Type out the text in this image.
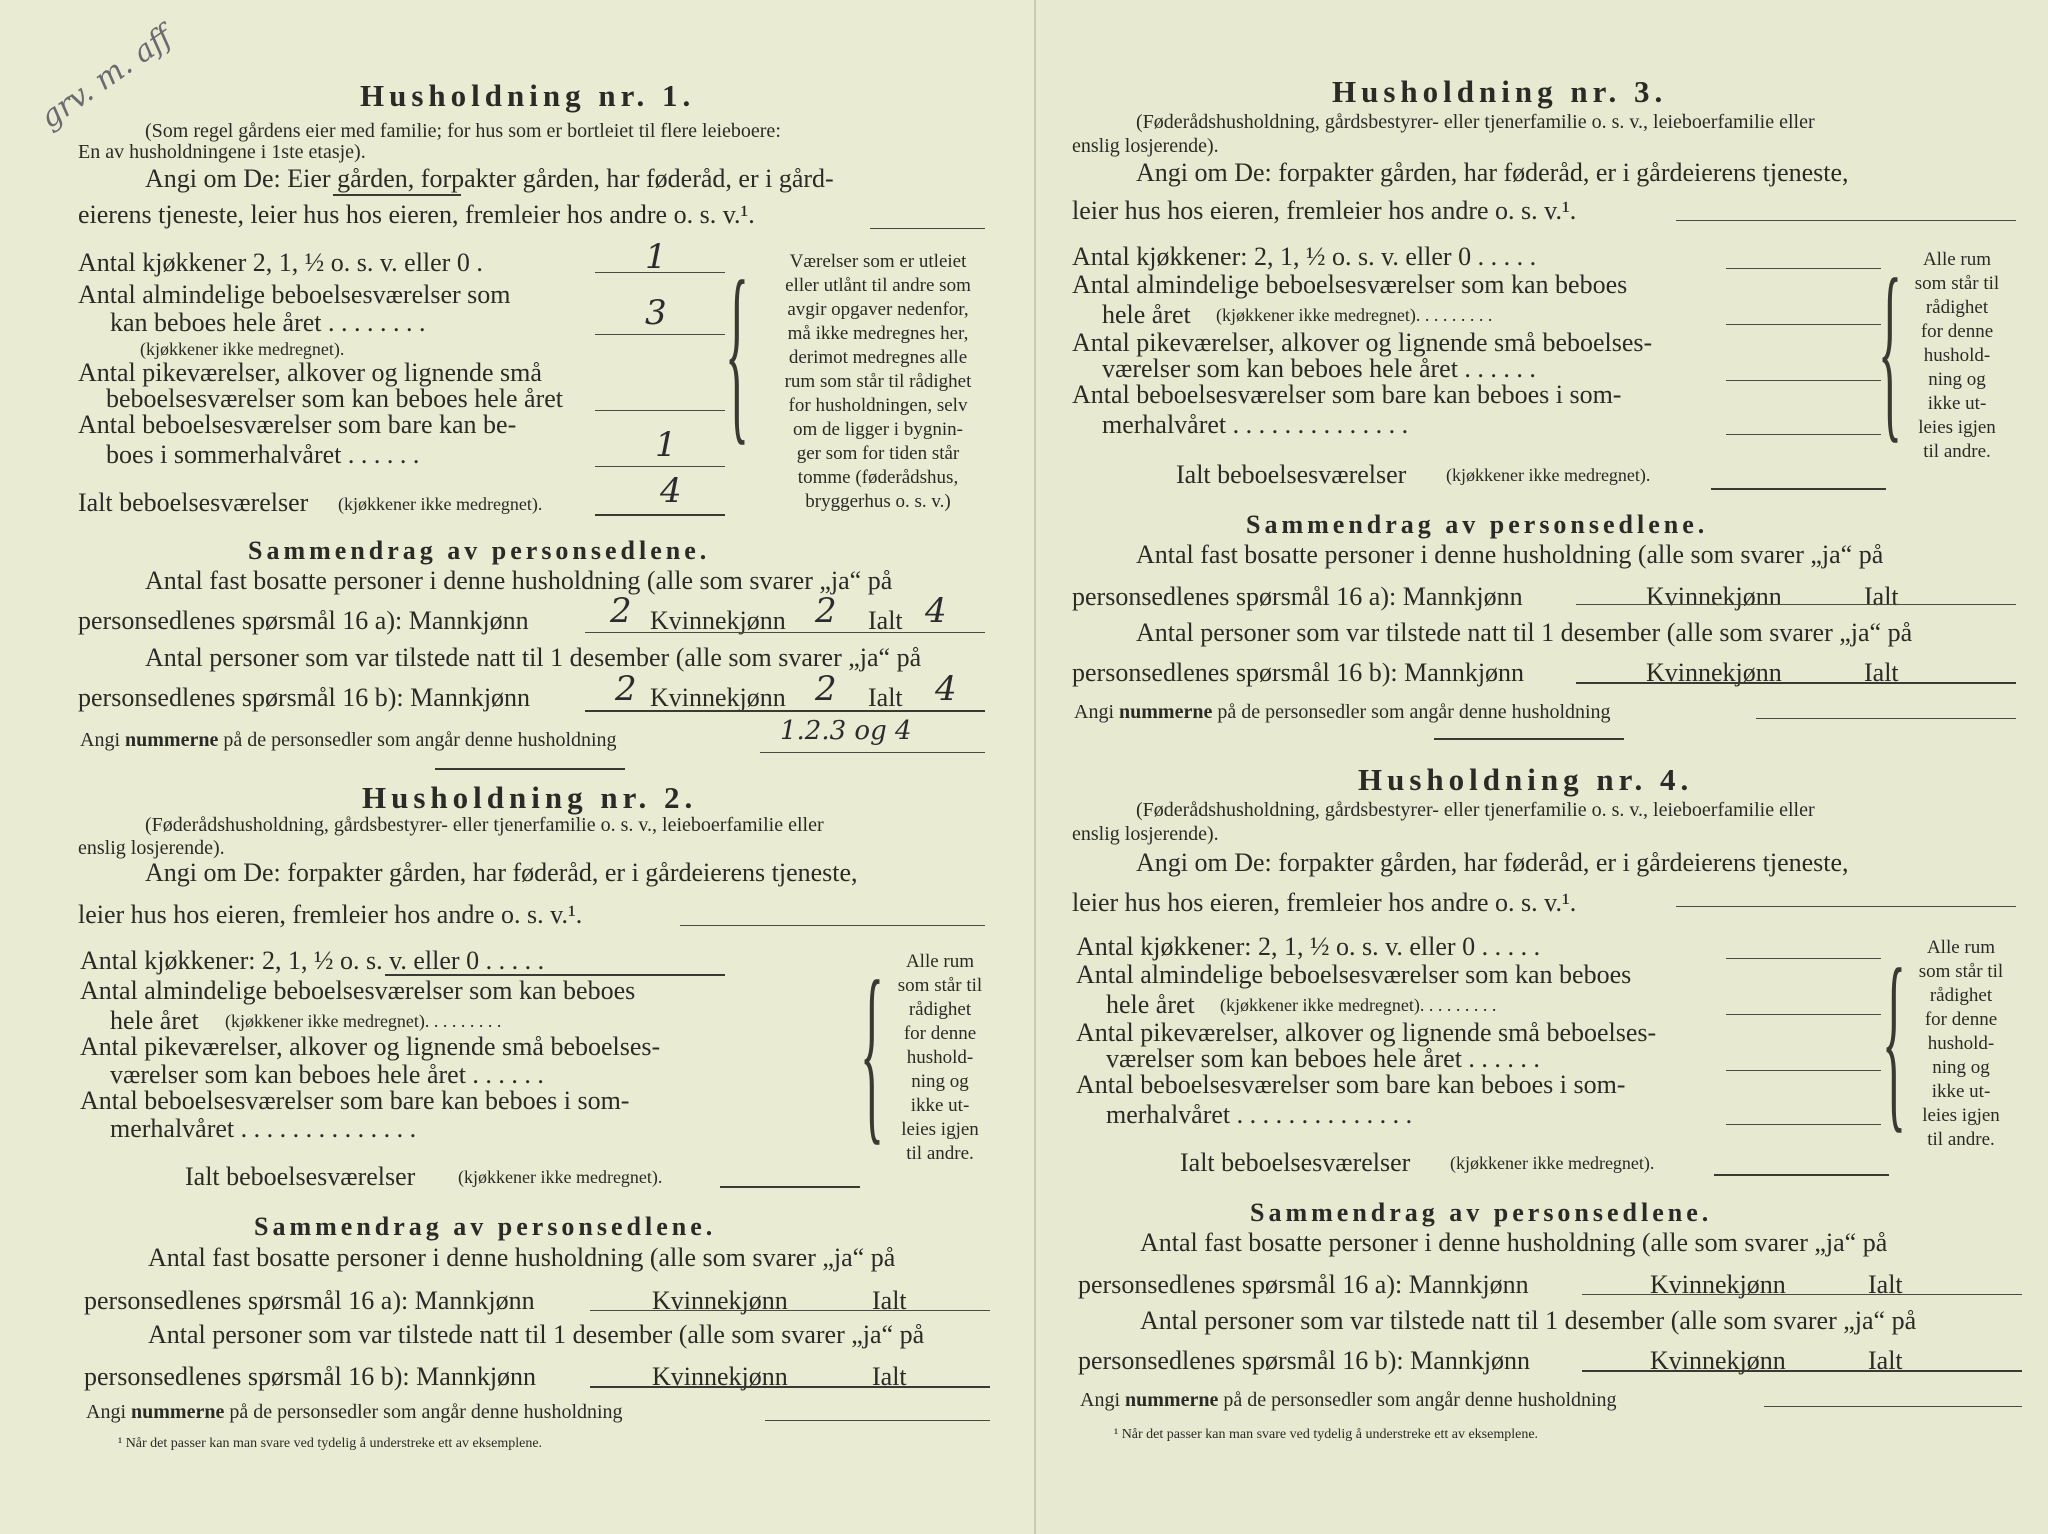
grv. m. aff	Husholdning nr. 1.
(Som regel gårdens eier med familie; for hus som er bortleiet til flere leieboere:
En av husholdningene i 1ste etasje).
Angi om De: Eier gården, forpakter gården, har føderåd, er i gård-
eierens tjeneste, leier hus hos eieren, fremleier hos andre o. s. v.¹.
Antal kjøkkener 2, 1, ½ o. s. v. eller 0 .	1
Antal almindelige beboelsesværelser som
kan beboes hele året . . . . . . . .	3
(kjøkkener ikke medregnet).
Antal pikeværelser, alkover og lignende små
beboelsesværelser som kan beboes hele året
Antal beboelsesværelser som bare kan be-
boes i sommerhalvåret . . . . . .	1
Ialt beboelsesværelser (kjøkkener ikke medregnet).	4
{	Værelser som er utleiet
eller utlånt til andre som
avgir opgaver nedenfor,
må ikke medregnes her,
derimot medregnes alle
rum som står til rådighet
for husholdningen, selv
om de ligger i bygnin-
ger som for tiden står
tomme (føderådshus,
bryggerhus o. s. v.)
Sammendrag av personsedlene.
Antal fast bosatte personer i denne husholdning (alle som svarer „ja“ på
personsedlenes spørsmål 16 a): Mannkjønn 2 Kvinnekjønn 2 Ialt 4
Antal personer som var tilstede natt til 1 desember (alle som svarer „ja“ på
personsedlenes spørsmål 16 b): Mannkjønn 2 Kvinnekjønn 2 Ialt 4
Angi nummerne på de personsedler som angår denne husholdning	1.2.3 og 4
Husholdning nr. 2.
(Føderådshusholdning, gårdsbestyrer- eller tjenerfamilie o. s. v., leieboerfamilie eller
enslig losjerende).
Angi om De: forpakter gården, har føderåd, er i gårdeierens tjeneste,
leier hus hos eieren, fremleier hos andre o. s. v.¹.
Antal kjøkkener: 2, 1, ½ o. s. v. eller 0 . . . . .
Antal almindelige beboelsesværelser som kan beboes
hele året (kjøkkener ikke medregnet). . . . . . . . .
Antal pikeværelser, alkover og lignende små beboelses-
værelser som kan beboes hele året . . . . . .
Antal beboelsesværelser som bare kan beboes i som-
merhalvåret . . . . . . . . . . . . . .
Ialt beboelsesværelser (kjøkkener ikke medregnet).
{	Alle rum
som står til
rådighet
for denne
hushold-
ning og
ikke ut-
leies igjen
til andre.
Sammendrag av personsedlene.
Antal fast bosatte personer i denne husholdning (alle som svarer „ja“ på
personsedlenes spørsmål 16 a): Mannkjønn	Kvinnekjønn	Ialt
Antal personer som var tilstede natt til 1 desember (alle som svarer „ja“ på
personsedlenes spørsmål 16 b): Mannkjønn	Kvinnekjønn	Ialt
Angi nummerne på de personsedler som angår denne husholdning
¹ Når det passer kan man svare ved tydelig å understreke ett av eksemplene.
Husholdning nr. 3.
(Føderådshusholdning, gårdsbestyrer- eller tjenerfamilie o. s. v., leieboerfamilie eller
enslig losjerende).
Angi om De: forpakter gården, har føderåd, er i gårdeierens tjeneste,
leier hus hos eieren, fremleier hos andre o. s. v.¹.
Antal kjøkkener: 2, 1, ½ o. s. v. eller 0 . . . . .
Antal almindelige beboelsesværelser som kan beboes
hele året (kjøkkener ikke medregnet). . . . . . . . .
Antal pikeværelser, alkover og lignende små beboelses-
værelser som kan beboes hele året . . . . . .
Antal beboelsesværelser som bare kan beboes i som-
merhalvåret . . . . . . . . . . . . . .
Ialt beboelsesværelser (kjøkkener ikke medregnet).
{	Alle rum
som står til
rådighet
for denne
hushold-
ning og
ikke ut-
leies igjen
til andre.
Sammendrag av personsedlene.
Antal fast bosatte personer i denne husholdning (alle som svarer „ja“ på
personsedlenes spørsmål 16 a): Mannkjønn	Kvinnekjønn	Ialt
Antal personer som var tilstede natt til 1 desember (alle som svarer „ja“ på
personsedlenes spørsmål 16 b): Mannkjønn	Kvinnekjønn	Ialt
Angi nummerne på de personsedler som angår denne husholdning
Husholdning nr. 4.
(Føderådshusholdning, gårdsbestyrer- eller tjenerfamilie o. s. v., leieboerfamilie eller
enslig losjerende).
Angi om De: forpakter gården, har føderåd, er i gårdeierens tjeneste,
leier hus hos eieren, fremleier hos andre o. s. v.¹.
Antal kjøkkener: 2, 1, ½ o. s. v. eller 0 . . . . .
Antal almindelige beboelsesværelser som kan beboes
hele året (kjøkkener ikke medregnet). . . . . . . . .
Antal pikeværelser, alkover og lignende små beboelses-
værelser som kan beboes hele året . . . . . .
Antal beboelsesværelser som bare kan beboes i som-
merhalvåret . . . . . . . . . . . . . .
Ialt beboelsesværelser (kjøkkener ikke medregnet).
{	Alle rum
som står til
rådighet
for denne
hushold-
ning og
ikke ut-
leies igjen
til andre.
Sammendrag av personsedlene.
Antal fast bosatte personer i denne husholdning (alle som svarer „ja“ på
personsedlenes spørsmål 16 a): Mannkjønn	Kvinnekjønn	Ialt
Antal personer som var tilstede natt til 1 desember (alle som svarer „ja“ på
personsedlenes spørsmål 16 b): Mannkjønn	Kvinnekjønn	Ialt
Angi nummerne på de personsedler som angår denne husholdning
¹ Når det passer kan man svare ved tydelig å understreke ett av eksemplene.
